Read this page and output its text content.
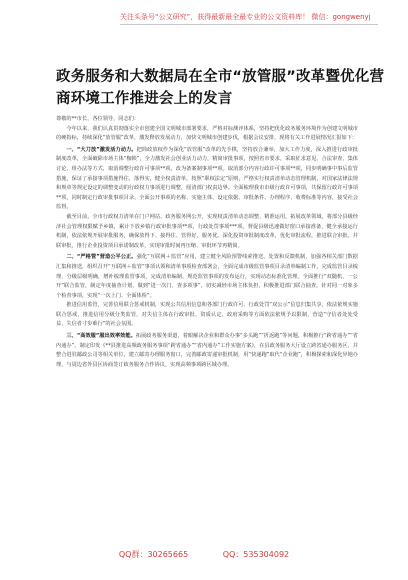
关注头条号“公文研究”，获得最新最全最专业的公文资料库！ 微信：gongwenyj
政务服务和大数据局在全市“放管服”改革暨优化营
商环境工作推进会上的发言

尊敬的**市长、各位领导，同志们：

今年以来，我们认真贯彻落实全市创建全国文明城市部署要求，严格对标测评体系，坚持把优化政务服务环境作为创建文明城市的硬指标，持续深化“放管服”改革，激发释放发展动力，加快文明城市创建步伐，根据会议安排，现将有关工作进展情况汇报如下：

一、“大刀放”激发活力动力。把简政放权作为深化“放管服”改革的先手棋，坚持放合兼举，加大工作力度，深入推进行政审批制度改革，全面破除市场主体“枷锁”，全力激发社会创业活力动力，精简审批事项，按照省市要求，采取征求意见、合法审查、集体讨论、组办法等方式，取消调整行政许可事项**项，改为备案制事项**项。取消部分内容行政许可事项**项，同步明确事中事后监管措施，保证了承接事项措施得住，落得实，健全权责清单，按照“职权法定”原则，严格实行权责清单动态管理机制，对国家法律法规和规章等规定设定的调整变动的行政权力事项进行调整，厘清部门权责边界。全面梳理我市市级行政许可事项，共保留行政许可事项**项，同时制定行政审批事项目录，全面公开事项的名称、实施主体、设定依据、审批条件、办理程序、收费标准等内容，接受社会监督。

截至目前，全市行政权力清单在门户网站、政务服务网公开，实现权责清单动态调整、精准运用。拓展改革领域，将部分县级经济社会管理权限赋予乡镇，累计下放乡镇行政审批事项**项，行政处罚事项***项。督促县级迅速做好窗口承接准备，健全承接运行机制，依法依规开展审批服务，确保放得下、接得住、管得好、服务优。深化投资审批制度改革，优化审批流程，推进联合审批、并联审批，推行企业投资项目承诺制改革，实现审批时间再压缩、审批环节再精简。

二、“严格管”营造公平公正。强化“互联网＋监管”应用，建立健全风险预警线索推送、处置和反馈机制，加强各相关部门数据汇集和推送，组织召开“互联网＋监管”事项认领和清单事项检查部署会，全面完成市级监管事项目录清单编制工作，完成监管目录梳理、分级层级明确，增补梳理监管事项，完成清单编制、规范监管事项的发布运行，实现动态标准化管理。全面推行“双随机、一公开”联合监管，制定年度抽查计划，做到“进一次门、查多项事”，切实减轻市场主体负担，积极推进部门联合抽查，针对同一对象多个检查事项，实现“一次上门、全面体检”。

推进信用监管，完善信用联合惩戒机制，实现公共信用信息和各部门行政许可、行政处罚“双公示”信息归集共享，依法依规实施联合惩戒，推进信用分级分类监管，对失信主体在行政审批、资质认定、政府采购等方面依法依规予以限制，营造“守信者处处受益、失信者寸步难行”的社会氛围。

三、“高效服”服出效率效能。拓展政务服务渠道，着眼解决企业和群众办事“多头跑”“折返跑”等问题，积极推行“跨省通办”“省内通办”，制定印发《**县推进高频政务服务事项“跨省通办”“省内通办”工作实施方案》，在县政务服务大厅设立跨省通办服务区，并整合进驻邮政公司等相关单位，建立邮寄办理服务窗口，完善邮政寄递审批机制，用“快递跑”取代“企业跑”，积极探索和深化异地办理，与周边省外县区协商签订政务服务合作协议，实现高频事项跨区域办理。

QQ群：30265665	QQ：535304092
